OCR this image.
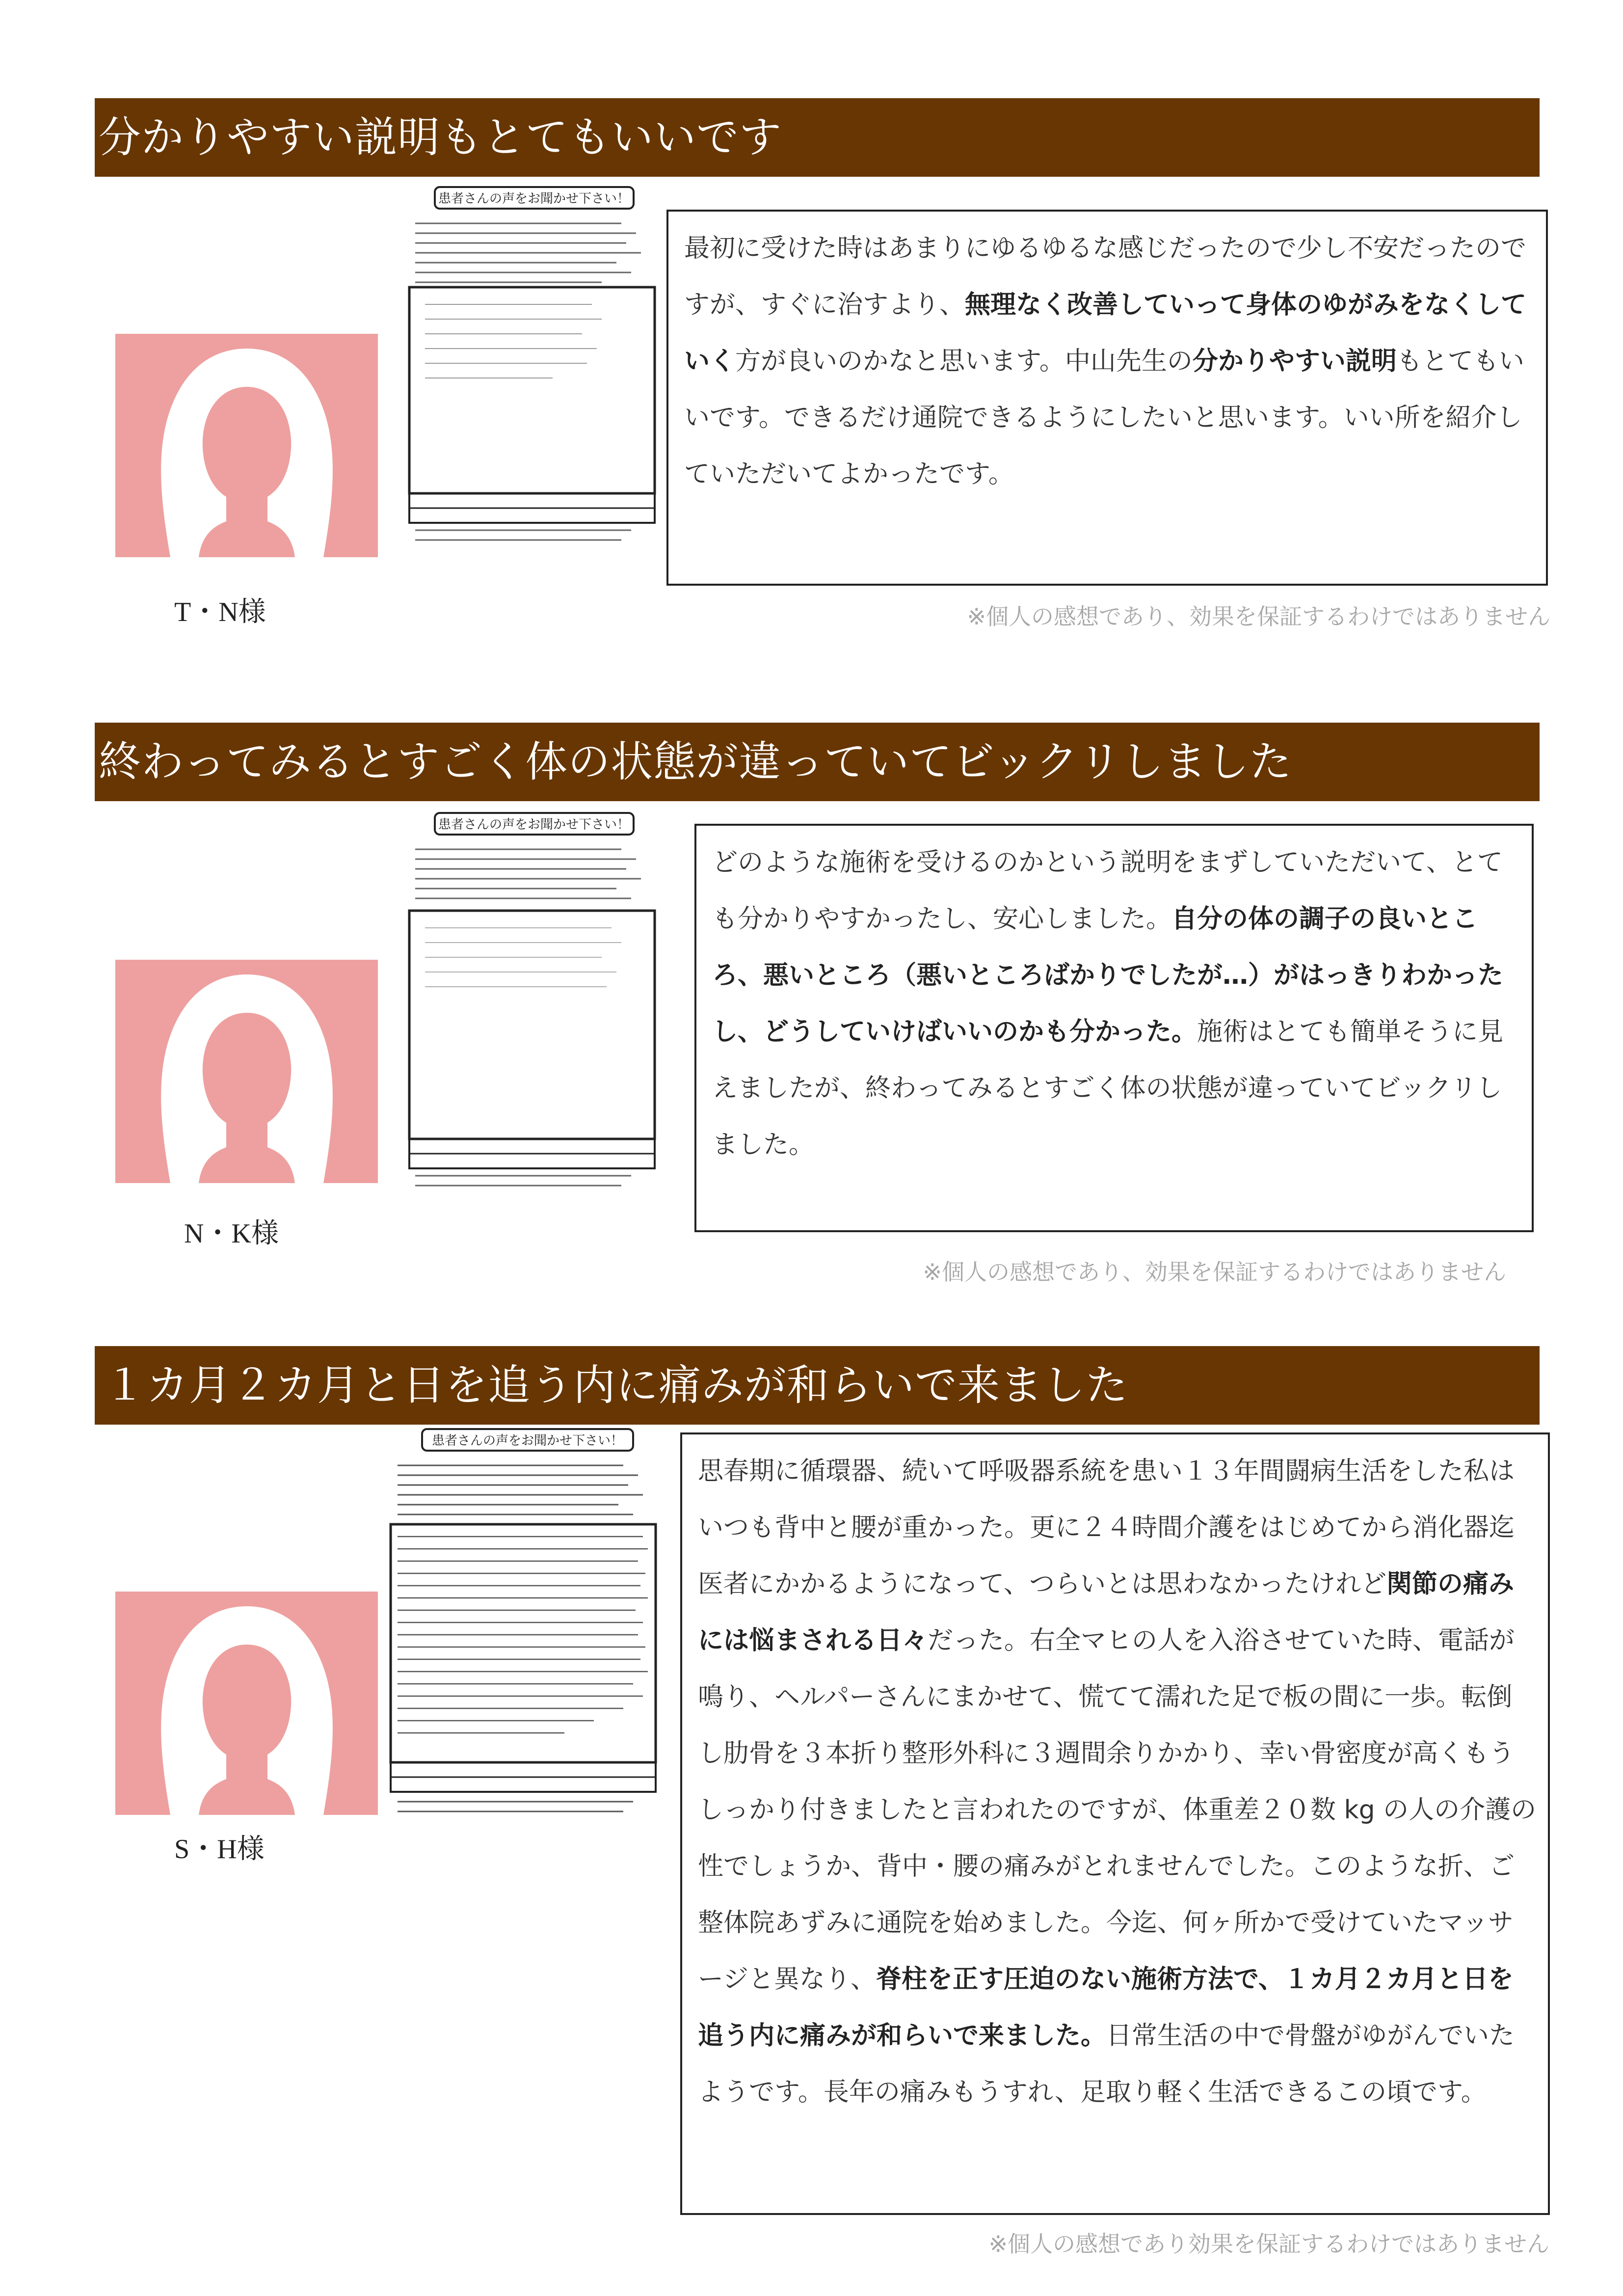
分かりやすい説明もとてもいいです
T・N様
患者さんの声をお聞かせ下さい！
最初に受けた時はあまりにゆるゆるな感じだったので少し不安だったのですが、すぐに治すより、無理なく改善していって身体のゆがみをなくしていく方が良いのかなと思います。中山先生の分かりやすい説明もとてもいいです。できるだけ通院できるようにしたいと思います。いい所を紹介していただいてよかったです。
※個人の感想であり、効果を保証するわけではありません
終わってみるとすごく体の状態が違っていてビックリしました
N・K様
患者さんの声をお聞かせ下さい！
どのような施術を受けるのかという説明をまずしていただいて、とても分かりやすかったし、安心しました。自分の体の調子の良いところ、悪いところ（悪いところばかりでしたが…）がはっきりわかったし、どうしていけばいいのかも分かった。施術はとても簡単そうに見えましたが、終わってみるとすごく体の状態が違っていてビックリしました。
※個人の感想であり、効果を保証するわけではありません
１カ月２カ月と日を追う内に痛みが和らいで来ました
S・H様
患者さんの声をお聞かせ下さい！
思春期に循環器、続いて呼吸器系統を患い１３年間闘病生活をした私はいつも背中と腰が重かった。更に２４時間介護をはじめてから消化器迄医者にかかるようになって、つらいとは思わなかったけれど関節の痛みには悩まされる日々だった。右全マヒの人を入浴させていた時、電話が鳴り、ヘルパーさんにまかせて、慌てて濡れた足で板の間に一歩。転倒し肋骨を３本折り整形外科に３週間余りかかり、幸い骨密度が高くもうしっかり付きましたと言われたのですが、体重差２０数 kg の人の介護の性でしょうか、背中・腰の痛みがとれませんでした。このような折、ご整体院あずみに通院を始めました。今迄、何ヶ所かで受けていたマッサージと異なり、脊柱を正す圧迫のない施術方法で、１カ月２カ月と日を追う内に痛みが和らいで来ました。日常生活の中で骨盤がゆがんでいたようです。長年の痛みもうすれ、足取り軽く生活できるこの頃です。
※個人の感想であり効果を保証するわけではありません
